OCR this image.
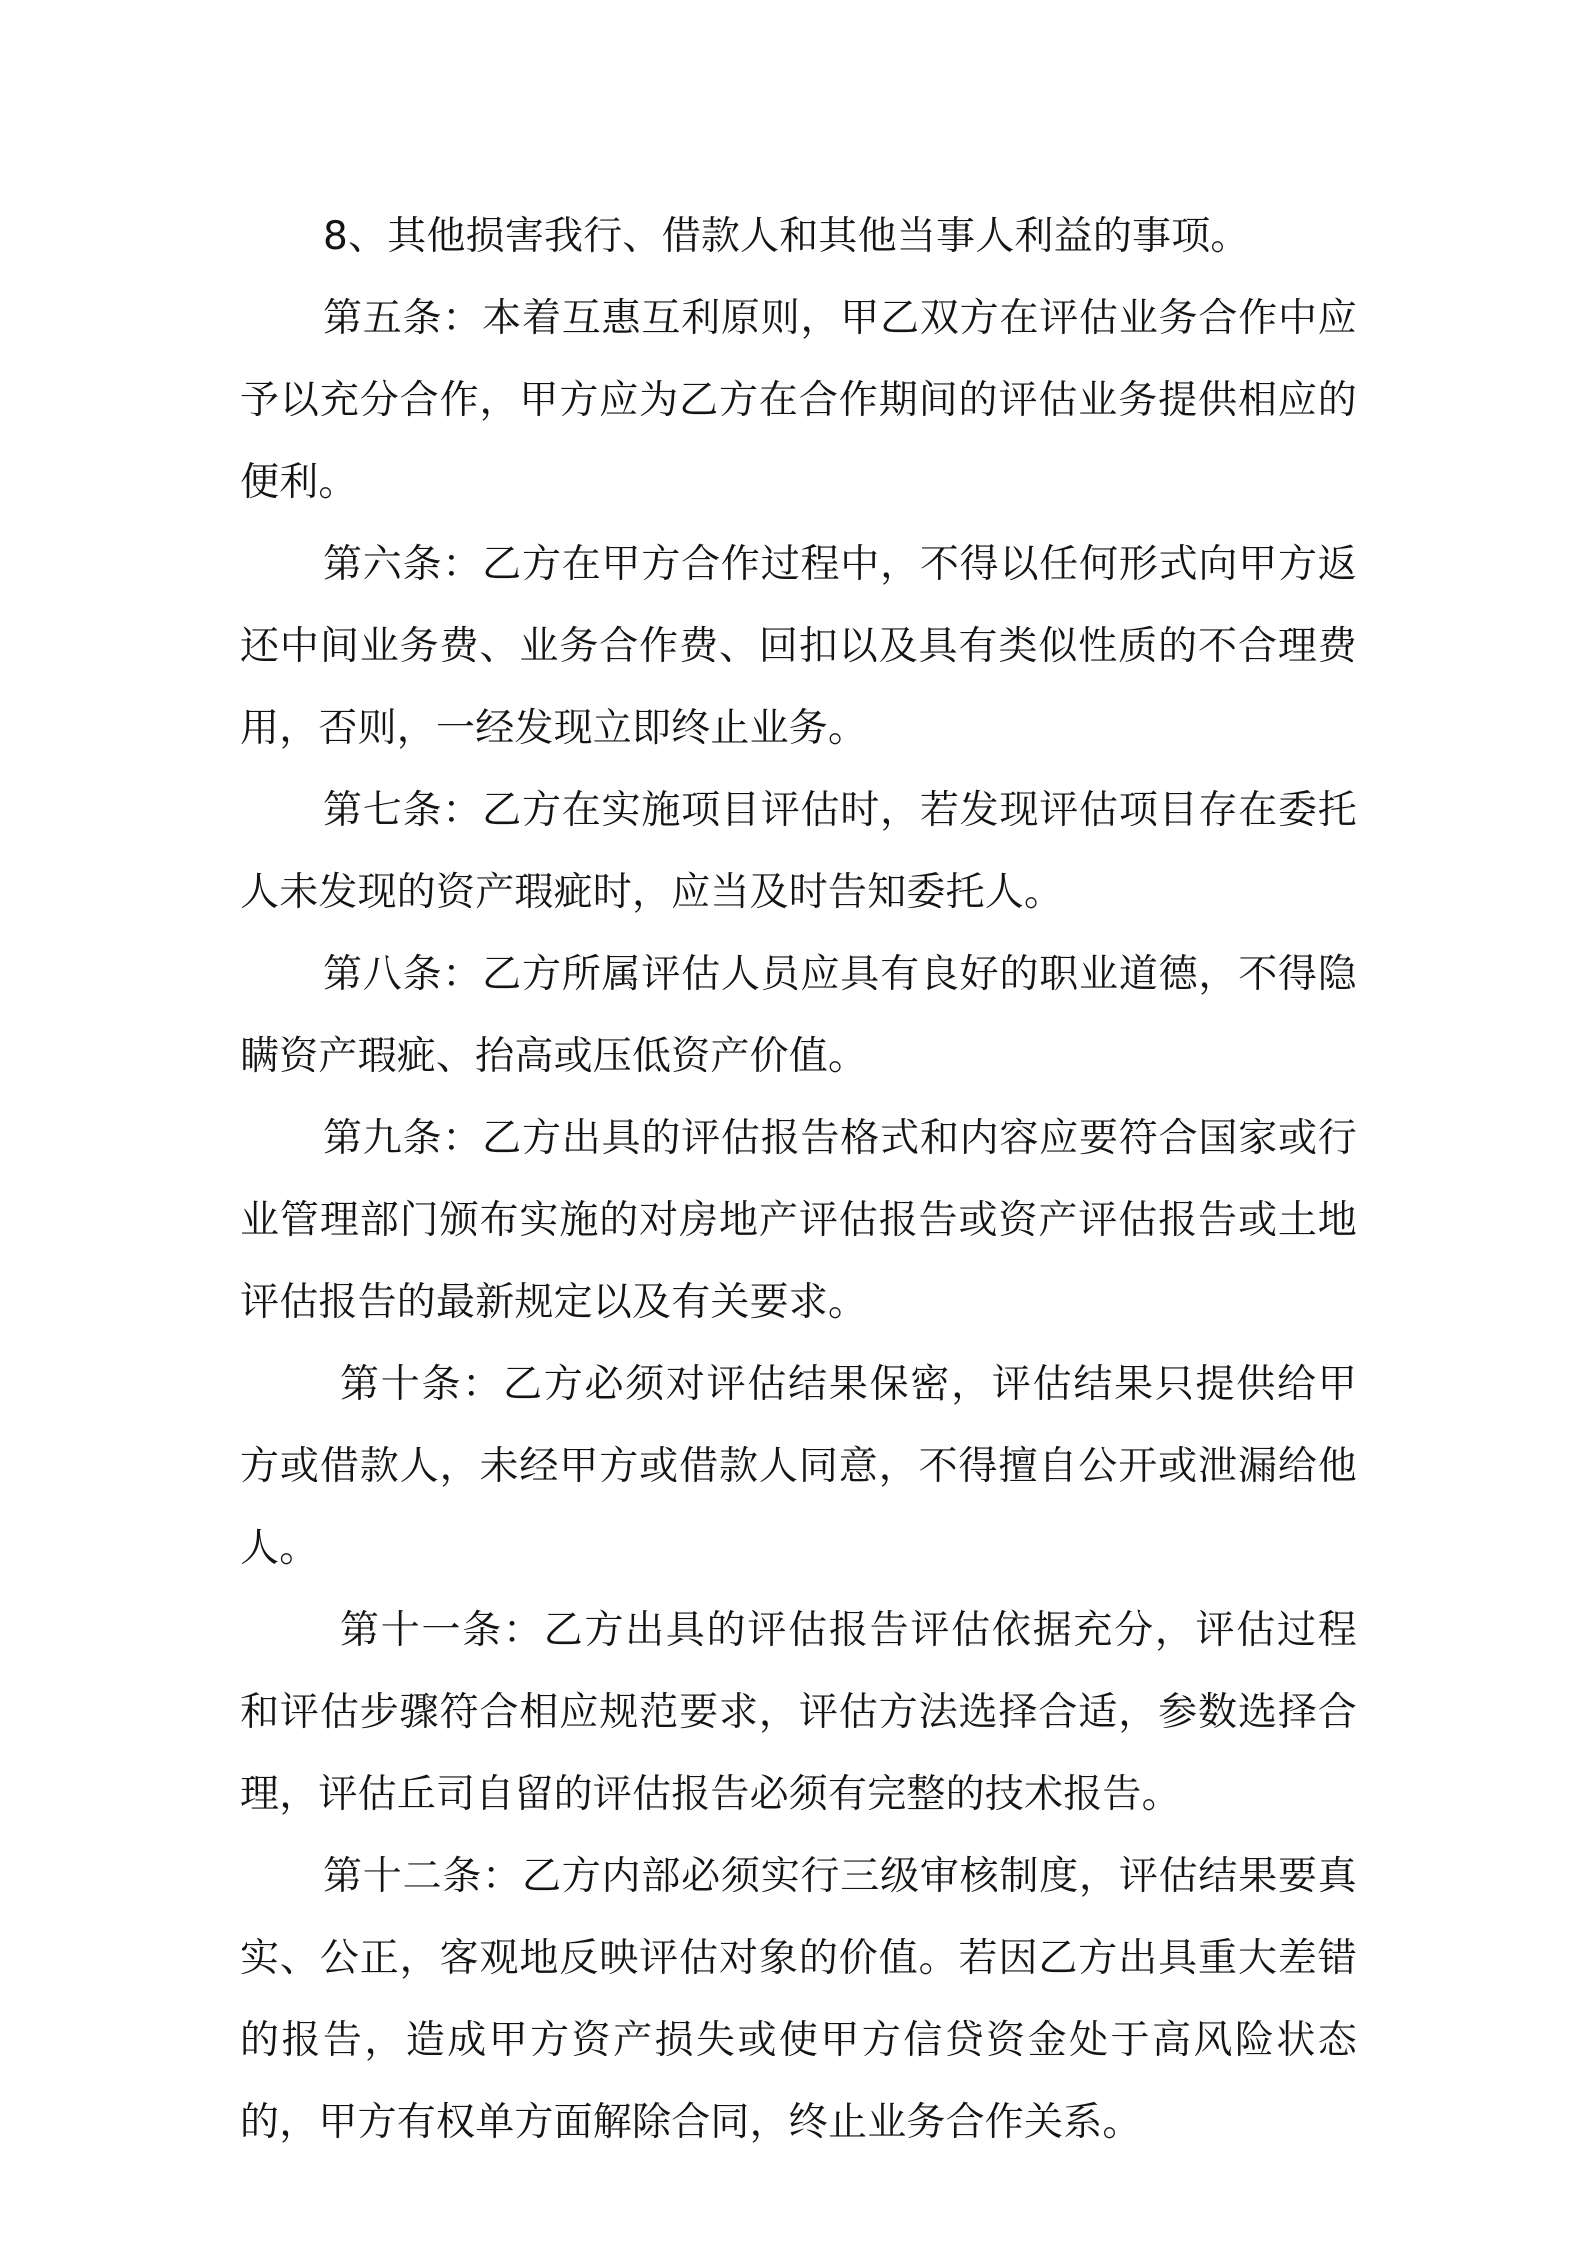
8、其他损害我行、借款人和其他当事人利益的事项。

第五条：本着互惠互利原则，甲乙双方在评估业务合作中应予以充分合作，甲方应为乙方在合作期间的评估业务提供相应的便利。

第六条：乙方在甲方合作过程中，不得以任何形式向甲方返还中间业务费、业务合作费、回扣以及具有类似性质的不合理费用，否则，一经发现立即终止业务。

第七条：乙方在实施项目评估时，若发现评估项目存在委托人未发现的资产瑕疵时，应当及时告知委托人。

第八条：乙方所属评估人员应具有良好的职业道德，不得隐瞒资产瑕疵、抬高或压低资产价值。

第九条：乙方出具的评估报告格式和内容应要符合国家或行业管理部门颁布实施的对房地产评估报告或资产评估报告或土地评估报告的最新规定以及有关要求。

第十条：乙方必须对评估结果保密，评估结果只提供给甲方或借款人，未经甲方或借款人同意，不得擅自公开或泄漏给他人。

第十一条：乙方出具的评估报告评估依据充分，评估过程和评估步骤符合相应规范要求，评估方法选择合适，参数选择合理，评估丘司自留的评估报告必须有完整的技术报告。

第十二条：乙方内部必须实行三级审核制度，评估结果要真实、公正，客观地反映评估对象的价值。若因乙方出具重大差错的报告，造成甲方资产损失或使甲方信贷资金处于高风险状态的，甲方有权单方面解除合同，终止业务合作关系。
